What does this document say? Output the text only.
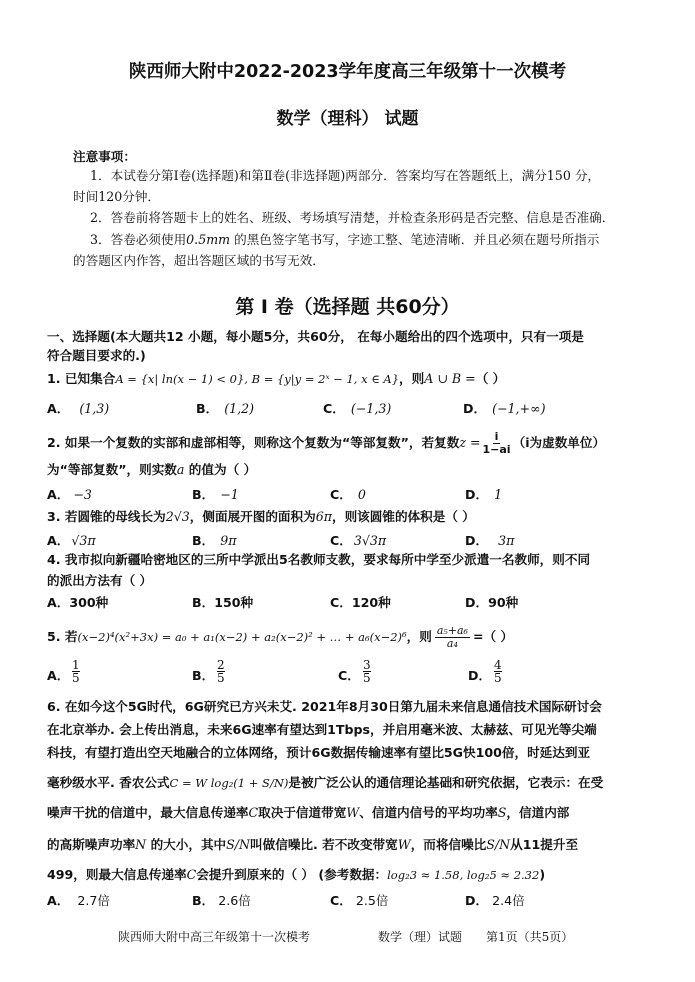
陕西师大附中2022-2023学年度高三年级第十一次模考
数学（理科） 试题
注意事项：
1．本试卷分第Ⅰ卷(选择题)和第Ⅱ卷(非选择题)两部分．答案均写在答题纸上，满分150 分，
时间120分钟．
2．答卷前将答题卡上的姓名、班级、考场填写清楚，并检查条形码是否完整、信息是否准确．
3．答卷必须使用0.5mm 的黑色签字笔书写，字迹工整、笔迹清晰．并且必须在题号所指示
的答题区内作答，超出答题区域的书写无效．
第 Ⅰ 卷（选择题 共60分）
一、选择题(本大题共12 小题，每小题5分，共60分， 在每小题给出的四个选项中，只有一项是
符合题目要求的.)
1. 已知集合A = {x| ln(x − 1) < 0}, B = {y|y = 2ˣ − 1, x ∈ A}，则A ∪ B =（ ）
A． (1,3)	B． (1,2)	C． (−1,3)	D． (−1,+∞)
2. 如果一个复数的实部和虚部相等，则称这个复数为“等部复数”，若复数$z = \frac{i}{1-ai} (i$为虚数单位）
为“等部复数”，则实数a 的值为（ ）
A． −3	B． −1	C． 0	D． 1
3. 若圆锥的母线长为2√3，侧面展开图的面积为6π，则该圆锥的体积是（ ）
A． √3π	B． 9π	C． 3√3π	D． 3π
4. 我市拟向新疆哈密地区的三所中学派出5名教师支教，要求每所中学至少派遣一名教师，则不同
的派出方法有（ ）
A．300种	B．150种	C．120种	D．90种
5. 若(x−2)⁴(x²+3x) = a₀ + a₁(x−2) + a₂(x−2)² + … + a₆(x−2)⁶，则 $\frac{\text{a₅+a₆}}{\text{a₄}}$ =（ ）
A． $\frac{1}{5}$	B． $\frac{2}{5}$	C． $\frac{3}{5}$	D． $\frac{4}{5}$
6. 在如今这个5G时代，6G研究已方兴未艾. 2021年8月30日第九届未来信息通信技术国际研讨会
在北京举办. 会上传出消息，未来6G速率有望达到1Tbps，并启用毫米波、太赫兹、可见光等尖端
科技，有望打造出空天地融合的立体网络，预计6G数据传输速率有望比5G快100倍，时延达到亚
毫秒级水平. 香农公式C = W log₂(1 + S/N)是被广泛公认的通信理论基础和研究依据，它表示：在受
噪声干扰的信道中，最大信息传递率C取决于信道带宽W、信道内信号的平均功率S，信道内部
的高斯噪声功率N 的大小，其中S/N叫做信噪比. 若不改变带宽W，而将信噪比S/N从11提升至
499，则最大信息传递率C会提升到原来的（ ） (参考数据：log₂3 ≈ 1.58, log₂5 ≈ 2.32)
A． 2.7倍	B． 2.6倍	C． 2.5倍	D． 2.4倍
陕西师大附中高三年级第十一次模考	数学（理）试题 第1页（共5页）
